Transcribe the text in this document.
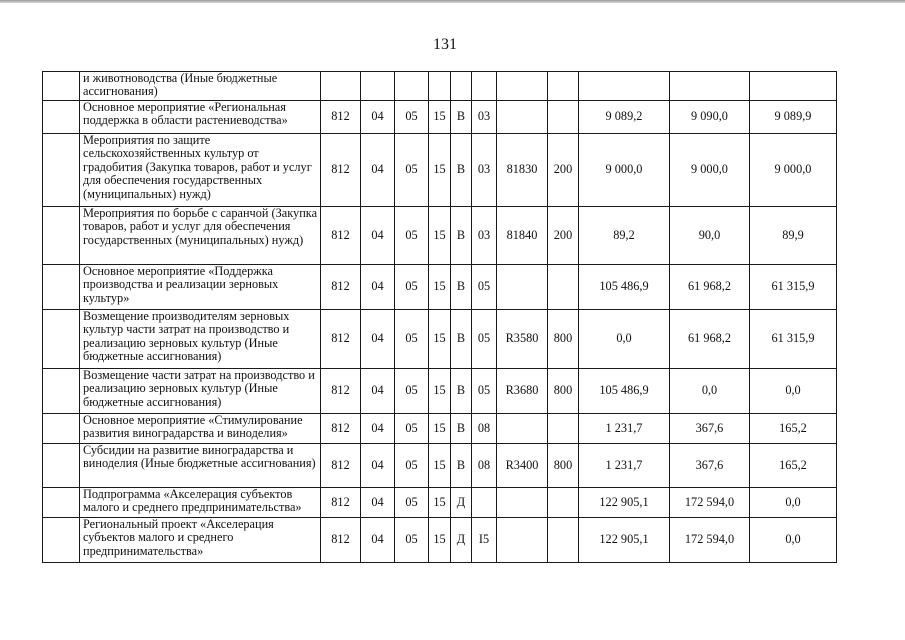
131
	и животноводства (Иные бюджетные ассигнования)											
	Основное мероприятие «Региональная поддержка в области растениеводства»	812	04	05	15	В	03			9 089,2	9 090,0	9 089,9
	Мероприятия по защите сельскохозяйственных культур от градобития (Закупка товаров, работ и услуг для обеспечения государственных (муниципальных) нужд)	812	04	05	15	В	03	81830	200	9 000,0	9 000,0	9 000,0
	Мероприятия по борьбе с саранчой (Закупка товаров, работ и услуг для обеспечения государственных (муниципальных) нужд)	812	04	05	15	В	03	81840	200	89,2	90,0	89,9
	Основное мероприятие «Поддержка производства и реализации зерновых культур»	812	04	05	15	В	05			105 486,9	61 968,2	61 315,9
	Возмещение производителям зерновых культур части затрат на производство и реализацию зерновых культур (Иные бюджетные ассигнования)	812	04	05	15	В	05	R3580	800	0,0	61 968,2	61 315,9
	Возмещение части затрат на производство и реализацию зерновых культур (Иные бюджетные ассигнования)	812	04	05	15	В	05	R3680	800	105 486,9	0,0	0,0
	Основное мероприятие «Стимулирование развития виноградарства и виноделия»	812	04	05	15	В	08			1 231,7	367,6	165,2
	Субсидии на развитие виноградарства и виноделия (Иные бюджетные ассигнования)	812	04	05	15	В	08	R3400	800	1 231,7	367,6	165,2
	Подпрограмма «Акселерация субъектов малого и среднего предпринимательства»	812	04	05	15	Д				122 905,1	172 594,0	0,0
	Региональный проект «Акселерация субъектов малого и среднего предпринимательства»	812	04	05	15	Д	I5			122 905,1	172 594,0	0,0
